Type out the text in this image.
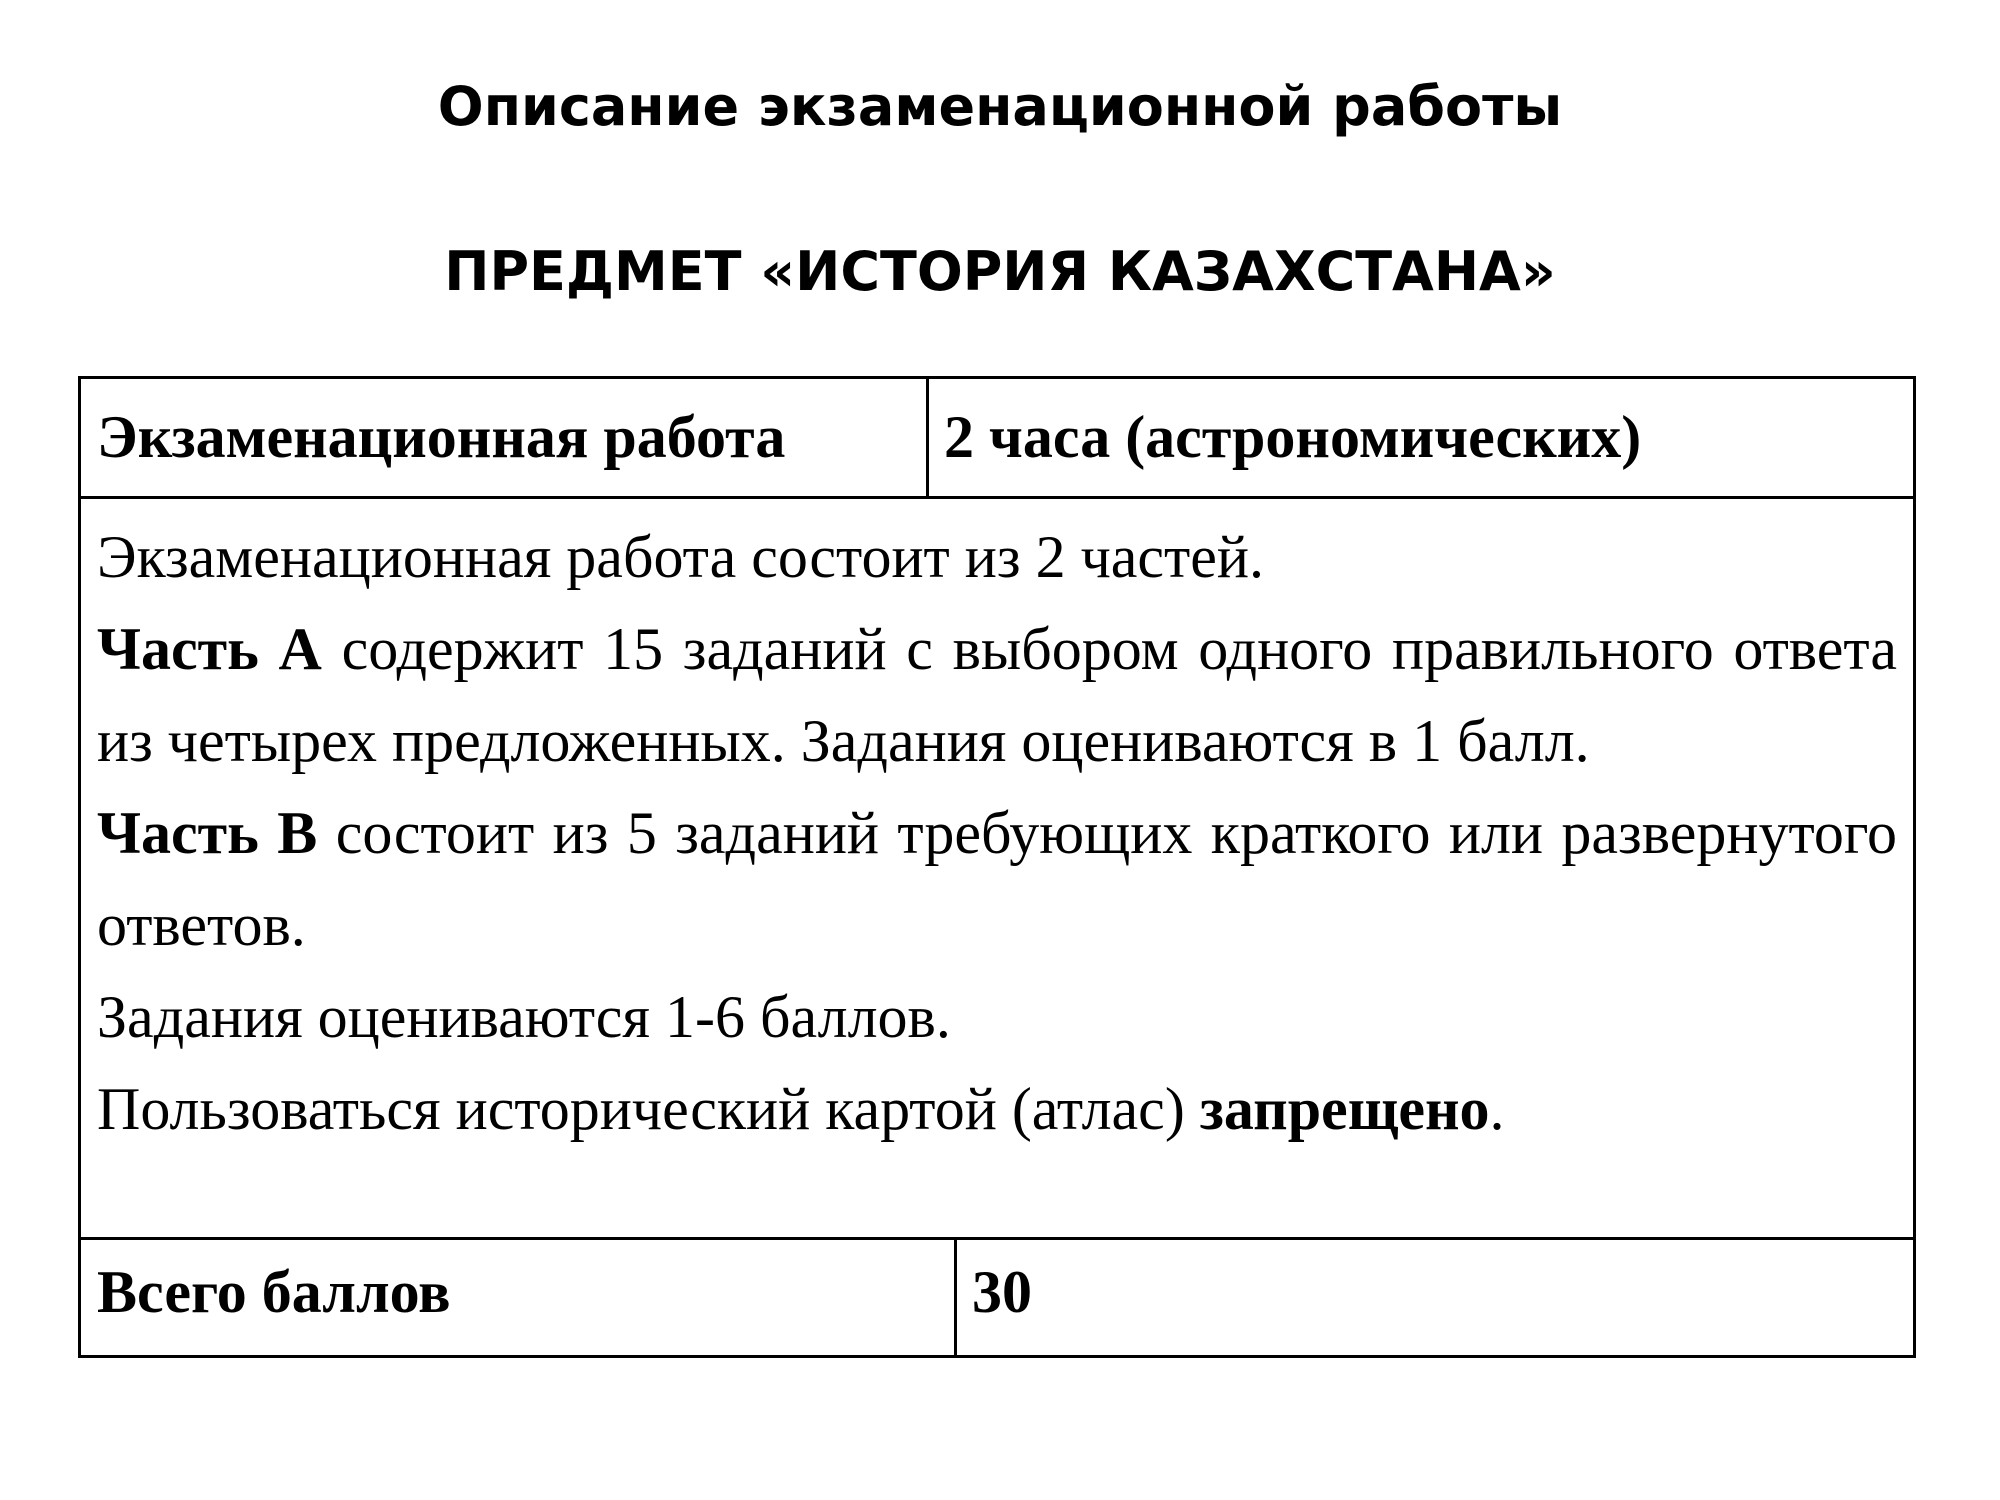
Описание экзаменационной работы
ПРЕДМЕТ «ИСТОРИЯ КАЗАХСТАНА»
Экзаменационная работа	2 часа (астрономических)

Экзаменационная работа состоит из 2 частей.

Часть А содержит 15 заданий с выбором одного правильного ответа из четырех предложенных. Задания оцениваются в 1 балл.

Часть В состоит из 5 заданий требующих краткого или развернутого ответов.

Задания оцениваются 1-6 баллов.

Пользоваться исторический картой (атлас) запрещено.

Всего баллов	30
